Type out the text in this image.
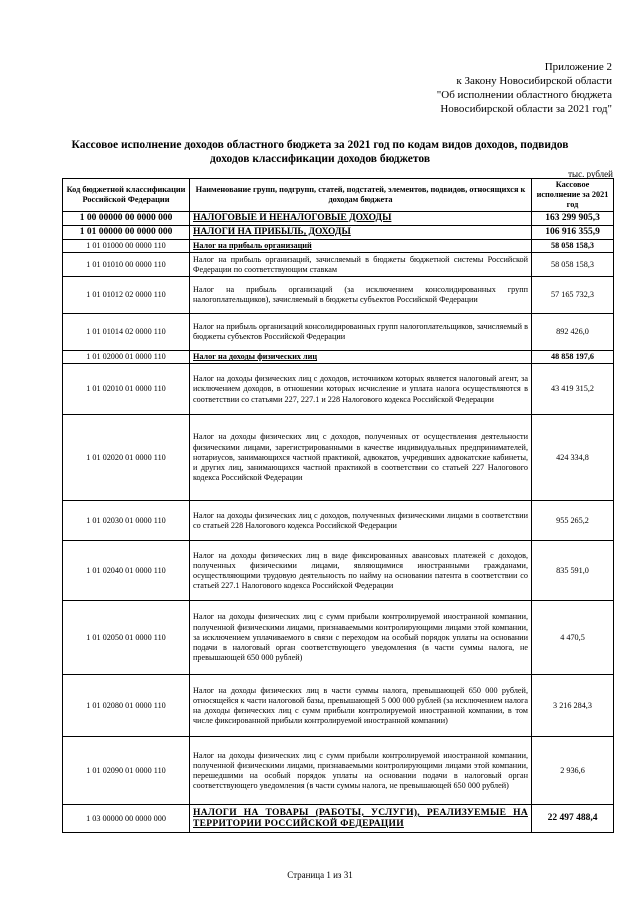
Приложение 2
к Закону Новосибирской области
"Об исполнении областного бюджета
Новосибирской области за 2021 год"
Кассовое исполнение доходов областного бюджета за 2021 год по кодам видов доходов, подвидов доходов классификации доходов бюджетов
тыс. рублей
Код бюджетной классификации Российской Федерации	Наименование групп, подгрупп, статей, подстатей, элементов, подвидов, относящихся к доходам бюджета	Кассовое исполнение за 2021 год
1 00 00000 00 0000 000	НАЛОГОВЫЕ И НЕНАЛОГОВЫЕ ДОХОДЫ	163 299 905,3
1 01 00000 00 0000 000	НАЛОГИ НА ПРИБЫЛЬ, ДОХОДЫ	106 916 355,9
1 01 01000 00 0000 110	Налог на прибыль организаций	58 058 158,3
1 01 01010 00 0000 110	Налог на прибыль организаций, зачисляемый в бюджеты бюджетной системы Российской Федерации по соответствующим ставкам	58 058 158,3
1 01 01012 02 0000 110	Налог на прибыль организаций (за исключением консолидированных групп налогоплательщиков), зачисляемый в бюджеты субъектов Российской Федерации	57 165 732,3
1 01 01014 02 0000 110	Налог на прибыль организаций консолидированных групп налогоплательщиков, зачисляемый в бюджеты субъектов Российской Федерации	892 426,0
1 01 02000 01 0000 110	Налог на доходы физических лиц	48 858 197,6
1 01 02010 01 0000 110	Налог на доходы физических лиц с доходов, источником которых является налоговый агент, за исключением доходов, в отношении которых исчисление и уплата налога осуществляются в соответствии со статьями 227, 227.1 и 228 Налогового кодекса Российской Федерации	43 419 315,2
1 01 02020 01 0000 110	Налог на доходы физических лиц с доходов, полученных от осуществления деятельности физическими лицами, зарегистрированными в качестве индивидуальных предпринимателей, нотариусов, занимающихся частной практикой, адвокатов, учредивших адвокатские кабинеты, и других лиц, занимающихся частной практикой в соответствии со статьей 227 Налогового кодекса Российской Федерации	424 334,8
1 01 02030 01 0000 110	Налог на доходы физических лиц с доходов, полученных физическими лицами в соответствии со статьей 228 Налогового кодекса Российской Федерации	955 265,2
1 01 02040 01 0000 110	Налог на доходы физических лиц в виде фиксированных авансовых платежей с доходов, полученных физическими лицами, являющимися иностранными гражданами, осуществляющими трудовую деятельность по найму на основании патента в соответствии со статьей 227.1 Налогового кодекса Российской Федерации	835 591,0
1 01 02050 01 0000 110	Налог на доходы физических лиц с сумм прибыли контролируемой иностранной компании, полученной физическими лицами, признаваемыми контролирующими лицами этой компании, за исключением уплачиваемого в связи с переходом на особый порядок уплаты на основании подачи в налоговый орган соответствующего уведомления (в части суммы налога, не превышающей 650 000 рублей)	4 470,5
1 01 02080 01 0000 110	Налог на доходы физических лиц в части суммы налога, превышающей 650 000 рублей, относящейся к части налоговой базы, превышающей 5 000 000 рублей (за исключением налога на доходы физических лиц с сумм прибыли контролируемой иностранной компании, в том числе фиксированной прибыли контролируемой иностранной компании)	3 216 284,3
1 01 02090 01 0000 110	Налог на доходы физических лиц с сумм прибыли контролируемой иностранной компании, полученной физическими лицами, признаваемыми контролирующими лицами этой компании, перешедшими на особый порядок уплаты на основании подачи в налоговый орган соответствующего уведомления (в части суммы налога, не превышающей 650 000 рублей)	2 936,6
1 03 00000 00 0000 000	НАЛОГИ НА ТОВАРЫ (РАБОТЫ, УСЛУГИ), РЕАЛИЗУЕМЫЕ НА ТЕРРИТОРИИ РОССИЙСКОЙ ФЕДЕРАЦИИ	22 497 488,4
Страница 1 из 31
